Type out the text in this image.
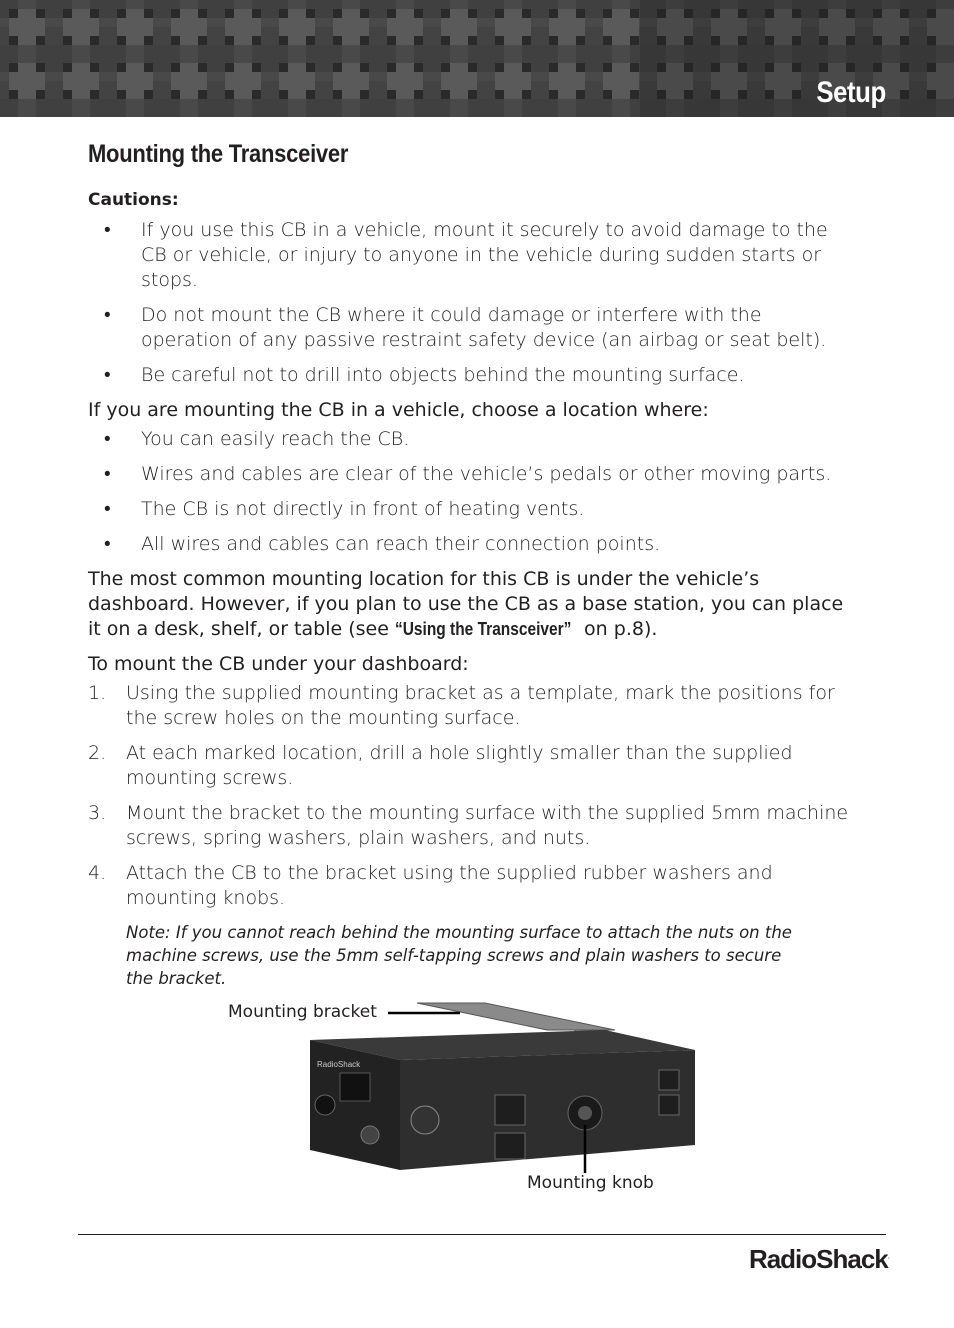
Setup
Mounting the Transceiver
Cautions:
• If you use this CB in a vehicle, mount it securely to avoid damage to the CB or vehicle, or injury to anyone in the vehicle during sudden starts or stops.
• Do not mount the CB where it could damage or interfere with the operation of any passive restraint safety device (an airbag or seat belt).
• Be careful not to drill into objects behind the mounting surface.

If you are mounting the CB in a vehicle, choose a location where:

• You can easily reach the CB.
• Wires and cables are clear of the vehicle’s pedals or other moving parts.
• The CB is not directly in front of heating vents.
• All wires and cables can reach their connection points.

The most common mounting location for this CB is under the vehicle’s dashboard. However, if you plan to use the CB as a base station, you can place it on a desk, shelf, or table (see “Using the Transceiver” on p.8).

To mount the CB under your dashboard:

1. Using the supplied mounting bracket as a template, mark the positions for the screw holes on the mounting surface.
2. At each marked location, drill a hole slightly smaller than the supplied mounting screws.
3. Mount the bracket to the mounting surface with the supplied 5mm machine screws, spring washers, plain washers, and nuts.
4. Attach the CB to the bracket using the supplied rubber washers and mounting knobs.
Note: If you cannot reach behind the mounting surface to attach the nuts on the machine screws, use the 5mm self-tapping screws and plain washers to secure the bracket.
RadioShack
Mounting bracket
Mounting knob
RadioShack.
